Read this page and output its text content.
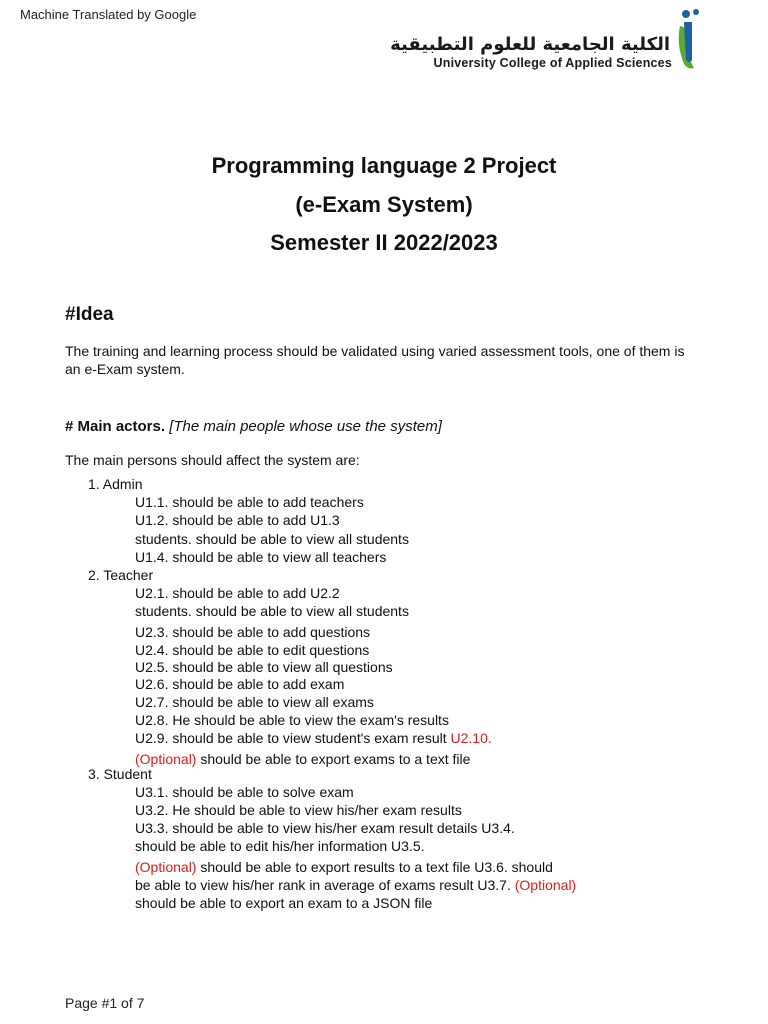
Machine Translated by Google
الكلية الجامعية للعلوم التطبيقية
University College of Applied Sciences
Programming language 2 Project
(e-Exam System)
Semester II 2022/2023
#Idea
The training and learning process should be validated using varied assessment tools, one of them is
an e-Exam system.
# Main actors. [The main people whose use the system]
The main persons should affect the system are:
1. Admin
U1.1. should be able to add teachers
U1.2. should be able to add U1.3
students. should be able to view all students
U1.4. should be able to view all teachers
2. Teacher
U2.1. should be able to add U2.2
students. should be able to view all students
U2.3. should be able to add questions
U2.4. should be able to edit questions
U2.5. should be able to view all questions
U2.6. should be able to add exam
U2.7. should be able to view all exams
U2.8. He should be able to view the exam's results
U2.9. should be able to view student's exam result U2.10.
(Optional) should be able to export exams to a text file
3. Student
U3.1. should be able to solve exam
U3.2. He should be able to view his/her exam results
U3.3. should be able to view his/her exam result details U3.4.
should be able to edit his/her information U3.5.
(Optional) should be able to export results to a text file U3.6. should
be able to view his/her rank in average of exams result U3.7. (Optional)
should be able to export an exam to a JSON file
Page #1 of 7
